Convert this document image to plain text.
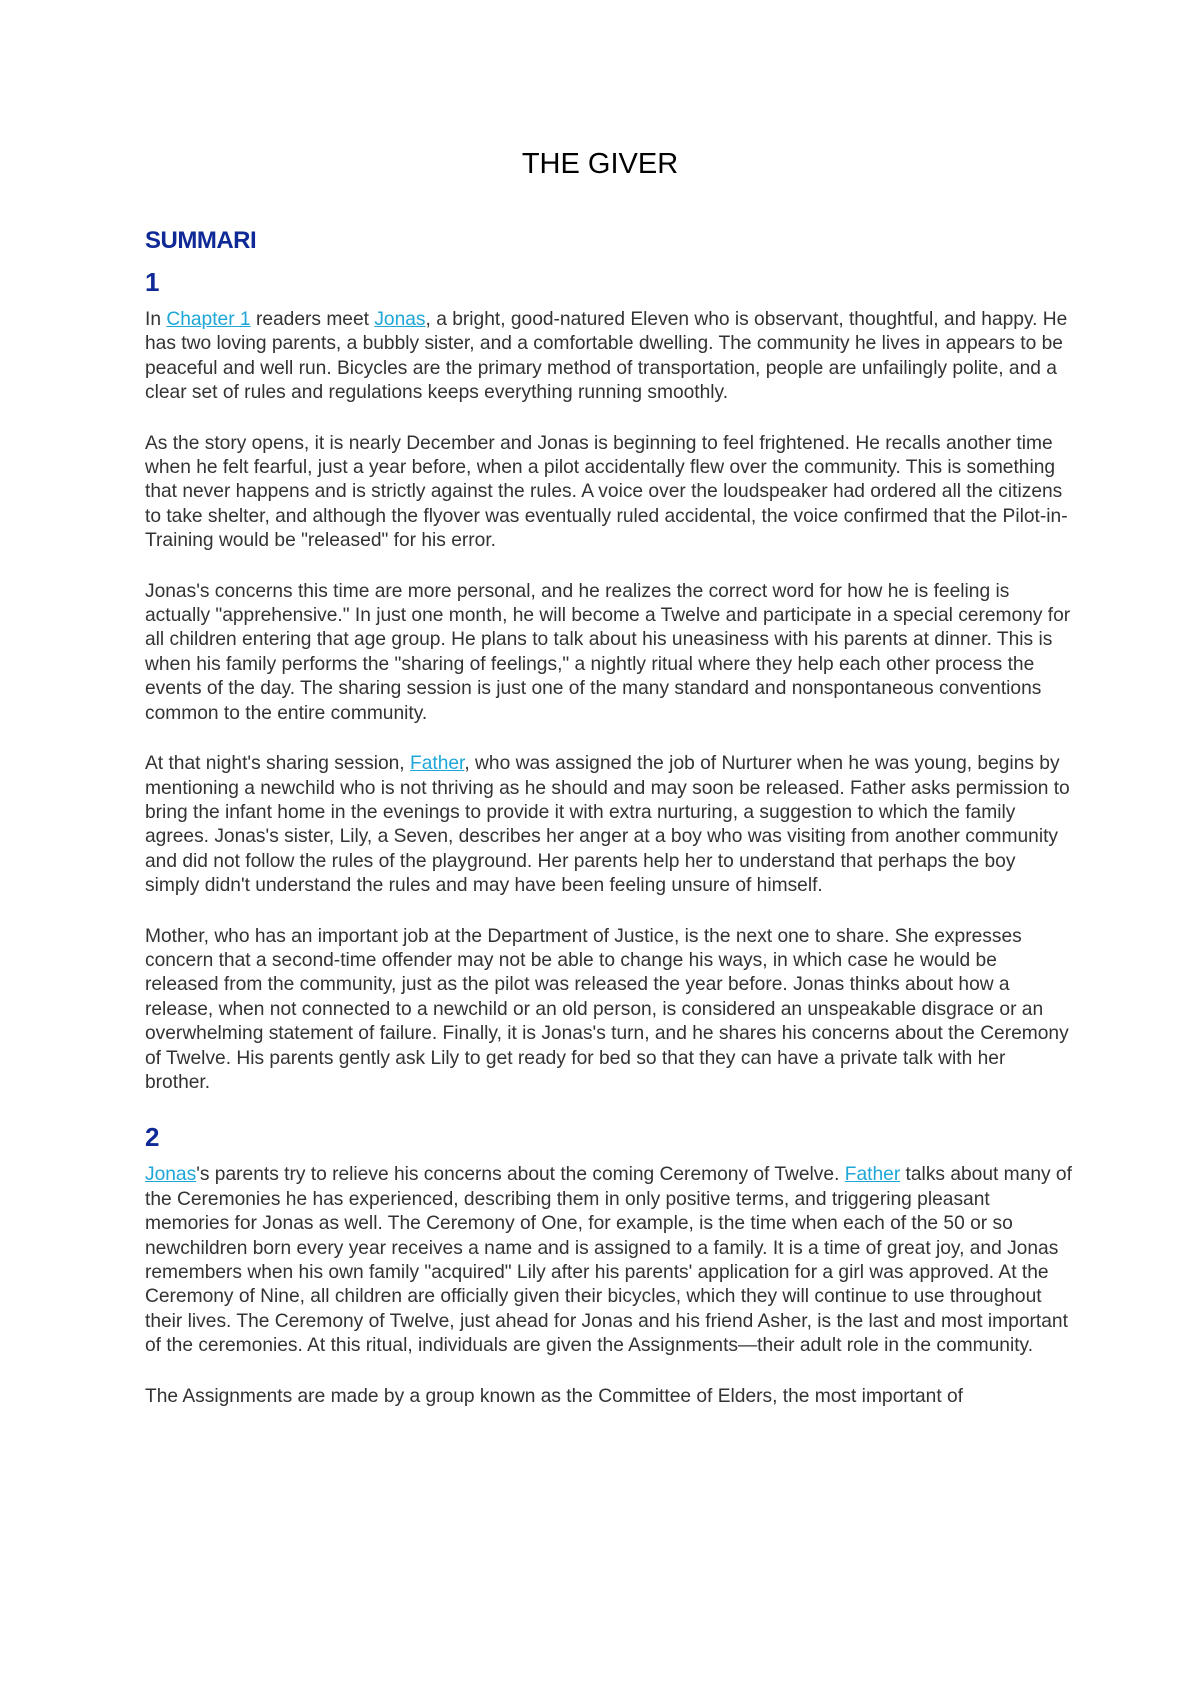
THE GIVER
SUMMARI
1

In Chapter 1 readers meet Jonas, a bright, good-natured Eleven who is observant, thoughtful, and happy. He has two loving parents, a bubbly sister, and a comfortable dwelling. The community he lives in appears to be peaceful and well run. Bicycles are the primary method of transportation, people are unfailingly polite, and a clear set of rules and regulations keeps everything running smoothly.

As the story opens, it is nearly December and Jonas is beginning to feel frightened. He recalls another time when he felt fearful, just a year before, when a pilot accidentally flew over the community. This is something that never happens and is strictly against the rules. A voice over the loudspeaker had ordered all the citizens to take shelter, and although the flyover was eventually ruled accidental, the voice confirmed that the Pilot-in-Training would be "released" for his error.

Jonas's concerns this time are more personal, and he realizes the correct word for how he is feeling is actually "apprehensive." In just one month, he will become a Twelve and participate in a special ceremony for all children entering that age group. He plans to talk about his uneasiness with his parents at dinner. This is when his family performs the "sharing of feelings," a nightly ritual where they help each other process the events of the day. The sharing session is just one of the many standard and nonspontaneous conventions common to the entire community.

At that night's sharing session, Father, who was assigned the job of Nurturer when he was young, begins by mentioning a newchild who is not thriving as he should and may soon be released. Father asks permission to bring the infant home in the evenings to provide it with extra nurturing, a suggestion to which the family agrees. Jonas's sister, Lily, a Seven, describes her anger at a boy who was visiting from another community and did not follow the rules of the playground. Her parents help her to understand that perhaps the boy simply didn't understand the rules and may have been feeling unsure of himself.

Mother, who has an important job at the Department of Justice, is the next one to share. She expresses concern that a second-time offender may not be able to change his ways, in which case he would be released from the community, just as the pilot was released the year before. Jonas thinks about how a release, when not connected to a newchild or an old person, is considered an unspeakable disgrace or an overwhelming statement of failure. Finally, it is Jonas's turn, and he shares his concerns about the Ceremony of Twelve. His parents gently ask Lily to get ready for bed so that they can have a private talk with her brother.

2

Jonas's parents try to relieve his concerns about the coming Ceremony of Twelve. Father talks about many of the Ceremonies he has experienced, describing them in only positive terms, and triggering pleasant memories for Jonas as well. The Ceremony of One, for example, is the time when each of the 50 or so newchildren born every year receives a name and is assigned to a family. It is a time of great joy, and Jonas remembers when his own family "acquired" Lily after his parents' application for a girl was approved. At the Ceremony of Nine, all children are officially given their bicycles, which they will continue to use throughout their lives. The Ceremony of Twelve, just ahead for Jonas and his friend Asher, is the last and most important of the ceremonies. At this ritual, individuals are given the Assignments—their adult role in the community.

The Assignments are made by a group known as the Committee of Elders, the most important of
